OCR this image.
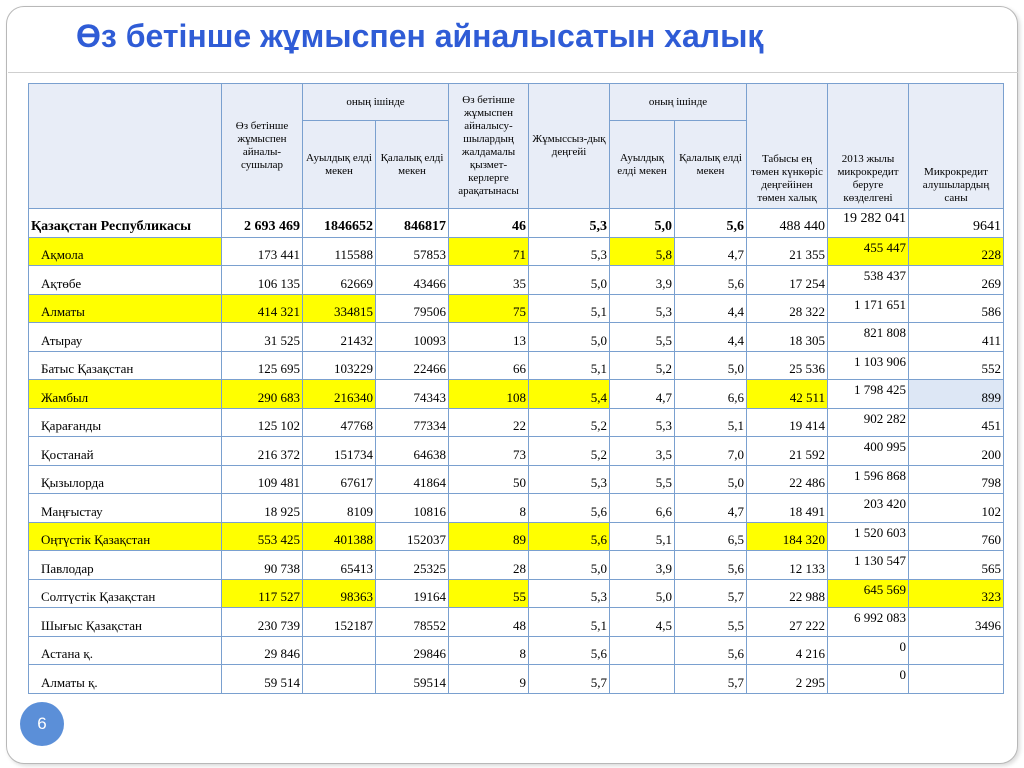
Өз бетінше жұмыспен айналысатын халық
	Өз бетінше жұмыспен айналы-сушылар	оның ішінде		Өз бетінше жұмыспен айналысу-шылардың жалдамалы қызмет-керлерге арақатынасы	Жұмыссыз-дық деңгейі	оның ішінде		Табысы ең төмен күнкөріс деңгейінен төмен халық	2013 жылы микрокредит беруге көзделгені	Микрокредит алушылардың саны
		Ауылдық елді мекен	Қалалық елді мекен			Ауылдық елді мекен	Қалалық елді мекен			
Қазақстан Республикасы	2 693 469	1846652	846817	46	5,3	5,0	5,6	488 440	19 282 041	9641
Ақмола	173 441	115588	57853	71	5,3	5,8	4,7	21 355	455 447	228
Ақтөбе	106 135	62669	43466	35	5,0	3,9	5,6	17 254	538 437	269
Алматы	414 321	334815	79506	75	5,1	5,3	4,4	28 322	1 171 651	586
Атырау	31 525	21432	10093	13	5,0	5,5	4,4	18 305	821 808	411
Батыс Қазақстан	125 695	103229	22466	66	5,1	5,2	5,0	25 536	1 103 906	552
Жамбыл	290 683	216340	74343	108	5,4	4,7	6,6	42 511	1 798 425	899
Қарағанды	125 102	47768	77334	22	5,2	5,3	5,1	19 414	902 282	451
Қостанай	216 372	151734	64638	73	5,2	3,5	7,0	21 592	400 995	200
Қызылорда	109 481	67617	41864	50	5,3	5,5	5,0	22 486	1 596 868	798
Маңғыстау	18 925	8109	10816	8	5,6	6,6	4,7	18 491	203 420	102
Оңтүстік Қазақстан	553 425	401388	152037	89	5,6	5,1	6,5	184 320	1 520 603	760
Павлодар	90 738	65413	25325	28	5,0	3,9	5,6	12 133	1 130 547	565
Солтүстік Қазақстан	117 527	98363	19164	55	5,3	5,0	5,7	22 988	645 569	323
Шығыс Қазақстан	230 739	152187	78552	48	5,1	4,5	5,5	27 222	6 992 083	3496
Астана қ.	29 846		29846	8	5,6		5,6	4 216	0	
Алматы қ.	59 514		59514	9	5,7		5,7	2 295	0	
6
